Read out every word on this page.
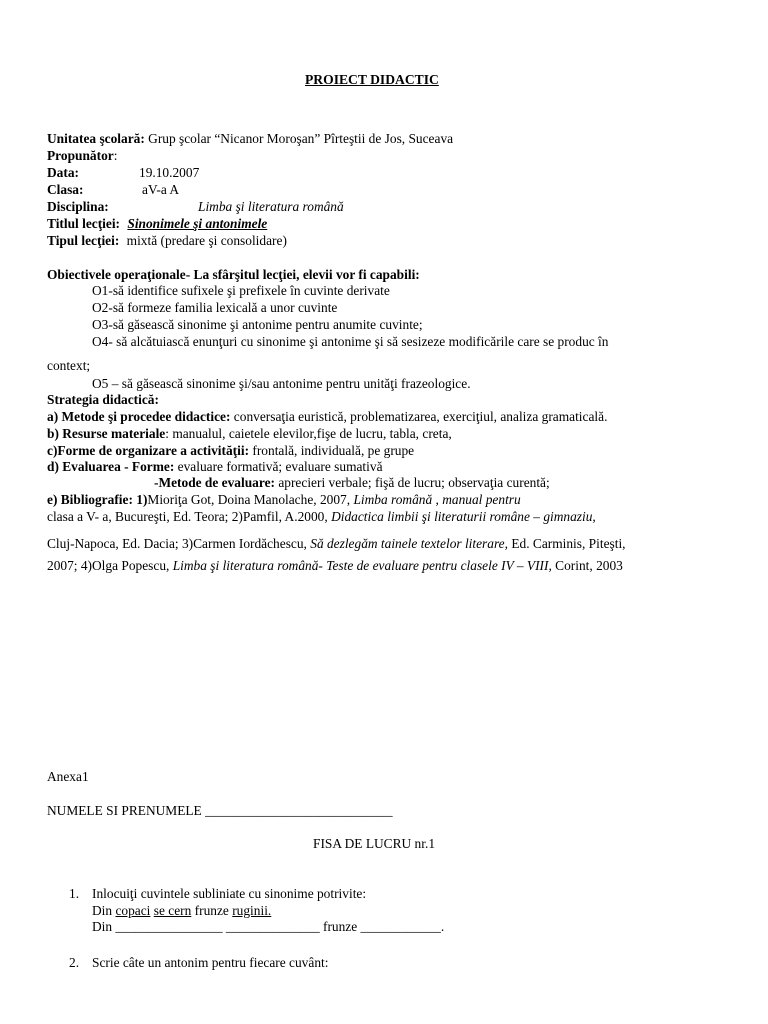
PROIECT DIDACTIC
Unitatea şcolară: Grup şcolar “Nicanor Moroşan” Pîrteştii de Jos, Suceava
Propunător:
Data:	19.10.2007
Clasa:	aV-a A
Disciplina:	Limba şi literatura română
Titlul lecţiei: Sinonimele şi antonimele
Tipul lecţiei: mixtă (predare şi consolidare)
Obiectivele operaţionale- La sfârşitul lecţiei, elevii vor fi capabili:
O1-să identifice sufixele şi prefixele în cuvinte derivate
O2-să formeze familia lexicală a unor cuvinte
O3-să găsească sinonime şi antonime pentru anumite cuvinte;
O4- să alcătuiască enunţuri cu sinonime şi antonime şi să sesizeze modificările care se produc în
context;
O5 – să găsească sinonime şi/sau antonime pentru unităţi frazeologice.
Strategia didactică:
a) Metode şi procedee didactice: conversaţia euristică, problematizarea, exerciţiul, analiza gramaticală.
b) Resurse materiale: manualul, caietele elevilor,fişe de lucru, tabla, creta,
c)Forme de organizare a activităţii: frontală, individuală, pe grupe
d) Evaluarea - Forme: evaluare formativă; evaluare sumativă
-Metode de evaluare: aprecieri verbale; fişă de lucru; observaţia curentă;
e) Bibliografie: 1)Mioriţa Got, Doina Manolache, 2007, Limba română , manual pentru
clasa a V- a, Bucureşti, Ed. Teora; 2)Pamfil, A.2000, Didactica limbii şi literaturii române – gimnaziu,
Cluj-Napoca, Ed. Dacia; 3)Carmen Iordăchescu, Să dezlegăm tainele textelor literare, Ed. Carminis, Piteşti,
2007; 4)Olga Popescu, Limba şi literatura română- Teste de evaluare pentru clasele IV – VIII, Corint, 2003
Anexa1
NUMELE SI PRENUMELE ____________________________
FISA DE LUCRU nr.1
1. Inlocuiţi cuvintele subliniate cu sinonime potrivite:
Din copaci se cern frunze ruginii.
Din ________________ ______________ frunze ____________.
2. Scrie câte un antonim pentru fiecare cuvânt:
